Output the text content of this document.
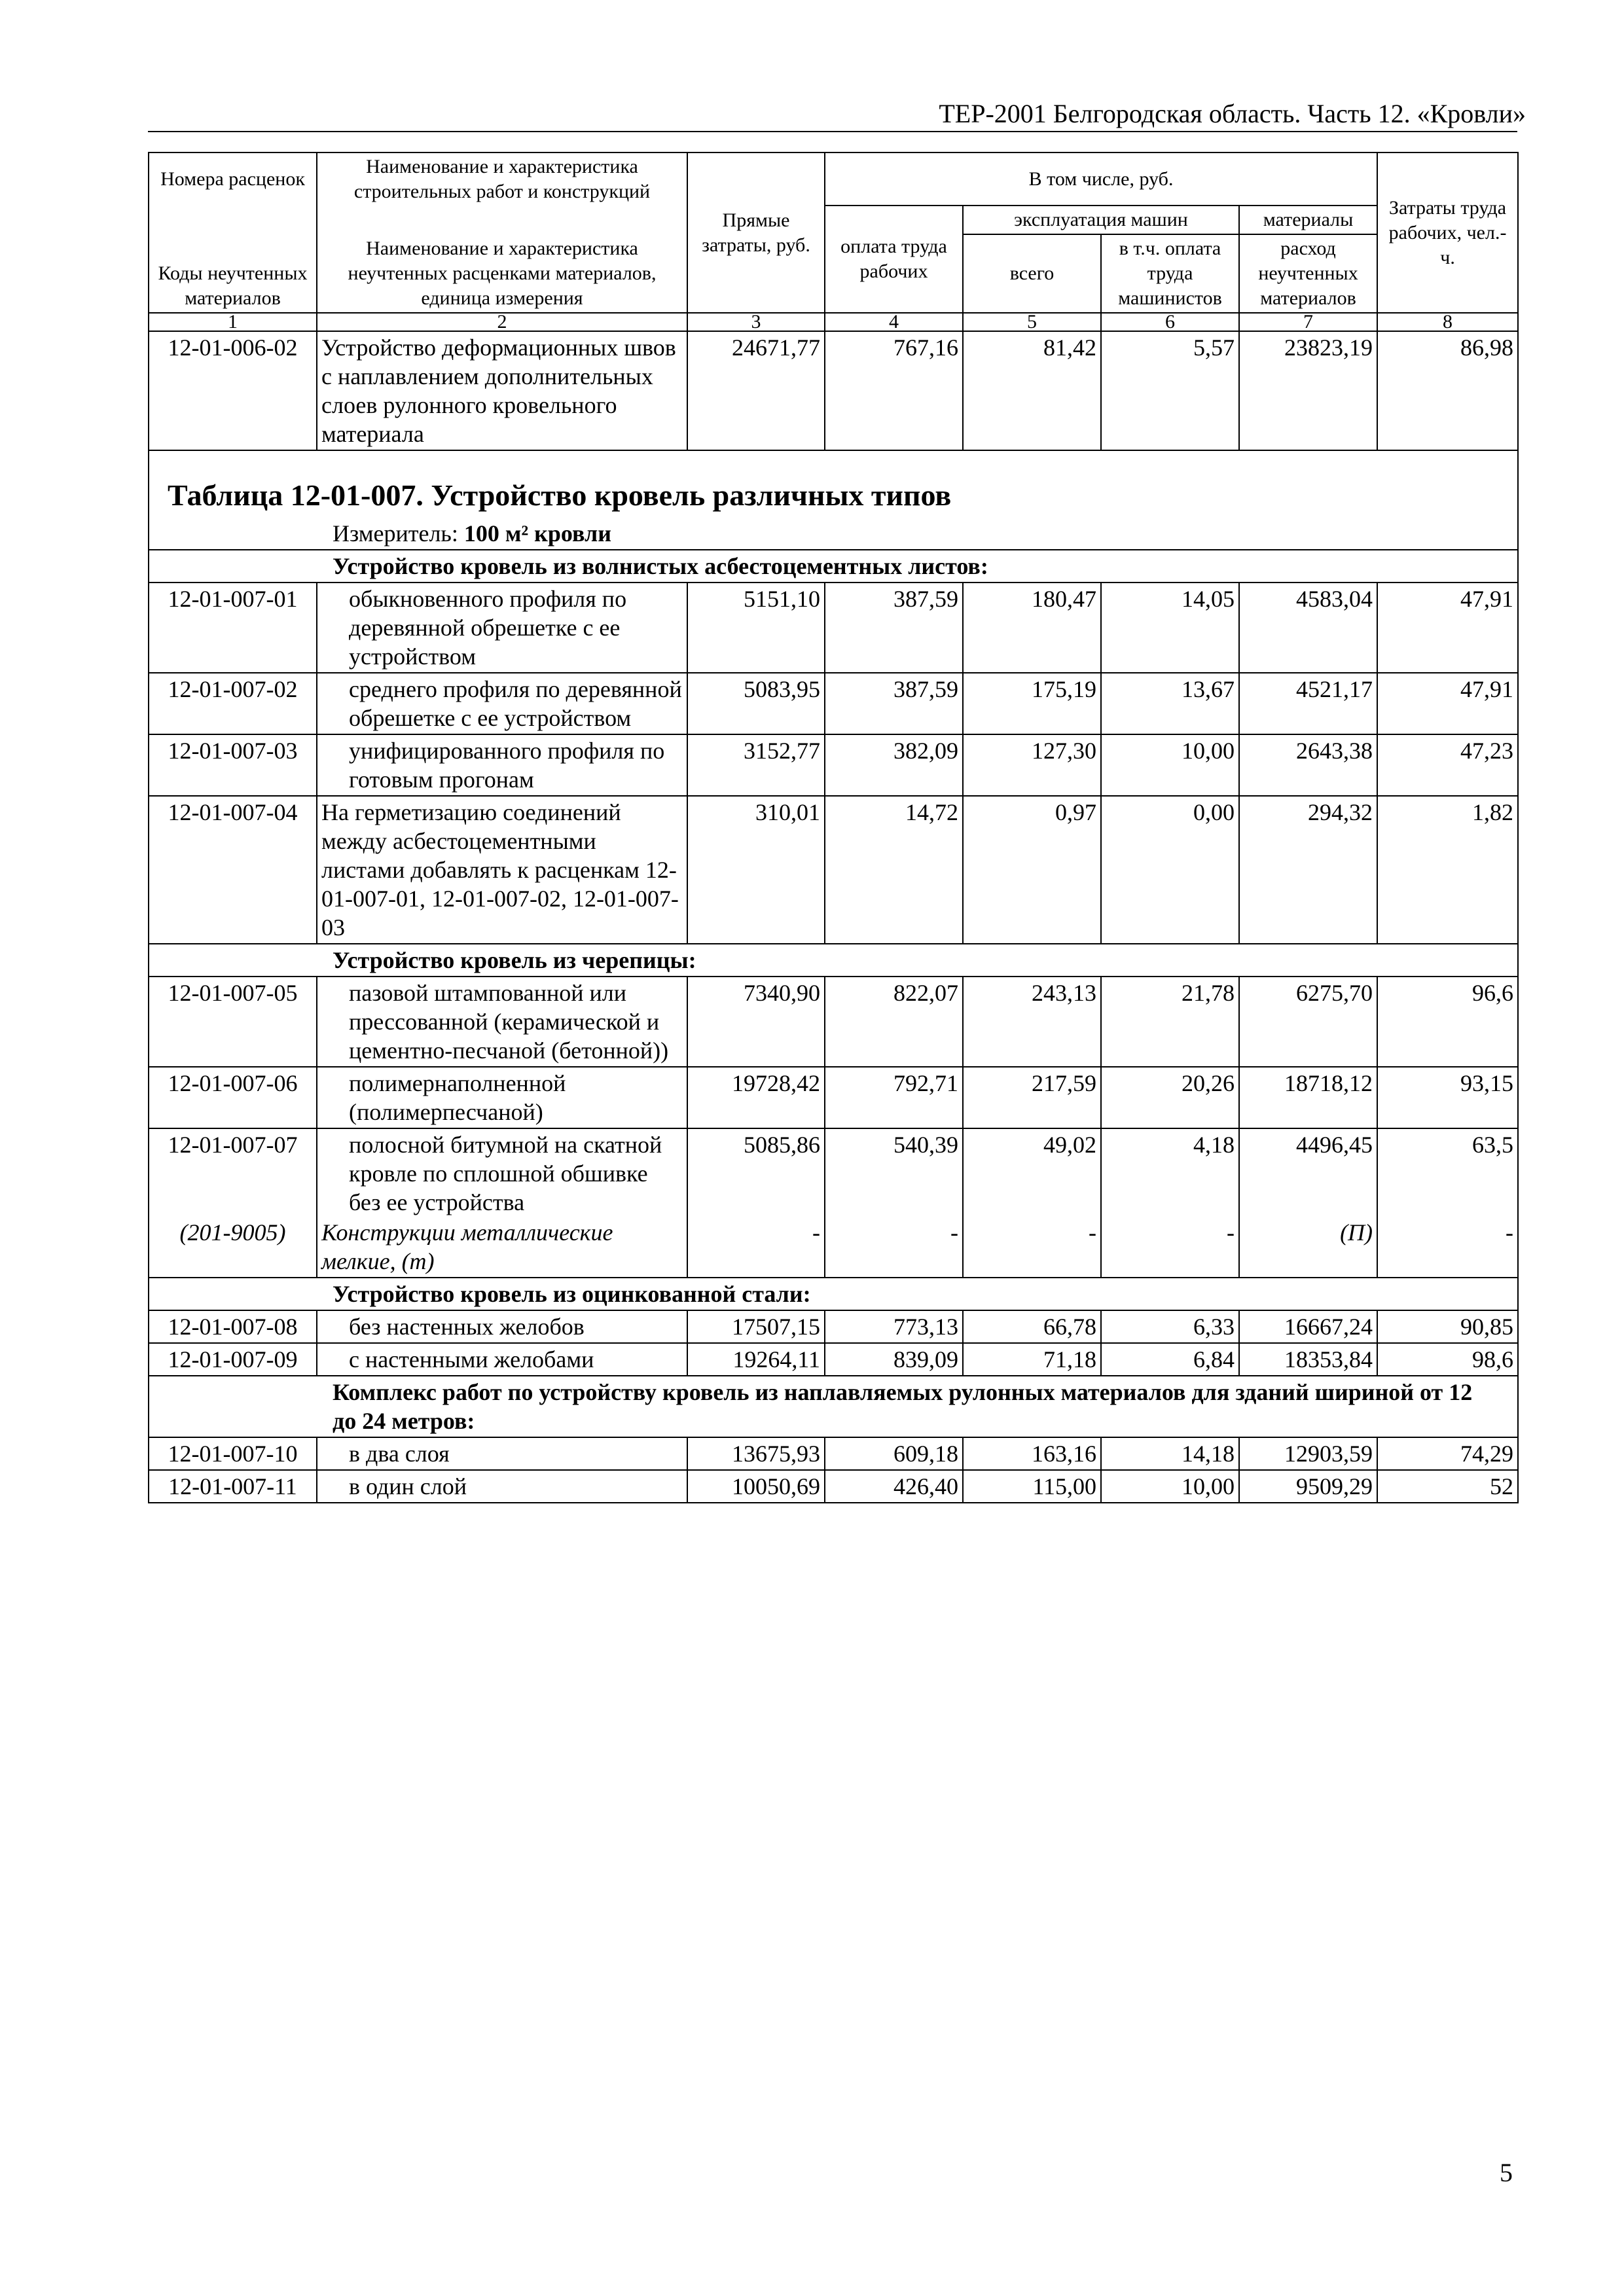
ТЕР-2001 Белгородская область. Часть 12. «Кровли»
Номера расценок	Наименование и характеристика строительных работ и конструкций	Прямые затраты, руб.	В том числе, руб.				Затраты труда рабочих, чел.-ч.
Коды неучтенных материалов	Наименование и характеристика неучтенных расценками материалов, единица измерения		оплата труда рабочих	эксплуатация машин		материалы	
				всего	в т.ч. оплата труда машинистов	расход неучтенных материалов	
1	2	3	4	5	6	7	8
12-01-006-02	Устройство деформационных швов с наплавлением дополнительных слоев рулонного кровельного материала	24671,77	767,16	81,42	5,57	23823,19	86,98
Таблица 12-01-007. Устройство кровель различных типов							
Измеритель: 100 м² кровли							
Устройство кровель из волнистых асбестоцементных листов:							
12-01-007-01	обыкновенного профиля по деревянной обрешетке с ее устройством	5151,10	387,59	180,47	14,05	4583,04	47,91
12-01-007-02	среднего профиля по деревянной обрешетке с ее устройством	5083,95	387,59	175,19	13,67	4521,17	47,91
12-01-007-03	унифицированного профиля по готовым прогонам	3152,77	382,09	127,30	10,00	2643,38	47,23
12-01-007-04	На герметизацию соединений между асбестоцементными листами добавлять к расценкам 12-01-007-01, 12-01-007-02, 12-01-007-03	310,01	14,72	0,97	0,00	294,32	1,82
Устройство кровель из черепицы:							
12-01-007-05	пазовой штампованной или прессованной (керамической и цементно-песчаной (бетонной))	7340,90	822,07	243,13	21,78	6275,70	96,6
12-01-007-06	полимернаполненной (полимерпесчаной)	19728,42	792,71	217,59	20,26	18718,12	93,15
12-01-007-07	полосной битумной на скатной кровле по сплошной обшивке без ее устройства	5085,86	540,39	49,02	4,18	4496,45	63,5
(201-9005)	Конструкции металлические мелкие, (т)	-	-	-	-	(П)	-
Устройство кровель из оцинкованной стали:							
12-01-007-08	без настенных желобов	17507,15	773,13	66,78	6,33	16667,24	90,85
12-01-007-09	с настенными желобами	19264,11	839,09	71,18	6,84	18353,84	98,6
Комплекс работ по устройству кровель из наплавляемых рулонных материалов для зданий шириной от 12 до 24 метров:							
12-01-007-10	в два слоя	13675,93	609,18	163,16	14,18	12903,59	74,29
12-01-007-11	в один слой	10050,69	426,40	115,00	10,00	9509,29	52
5
